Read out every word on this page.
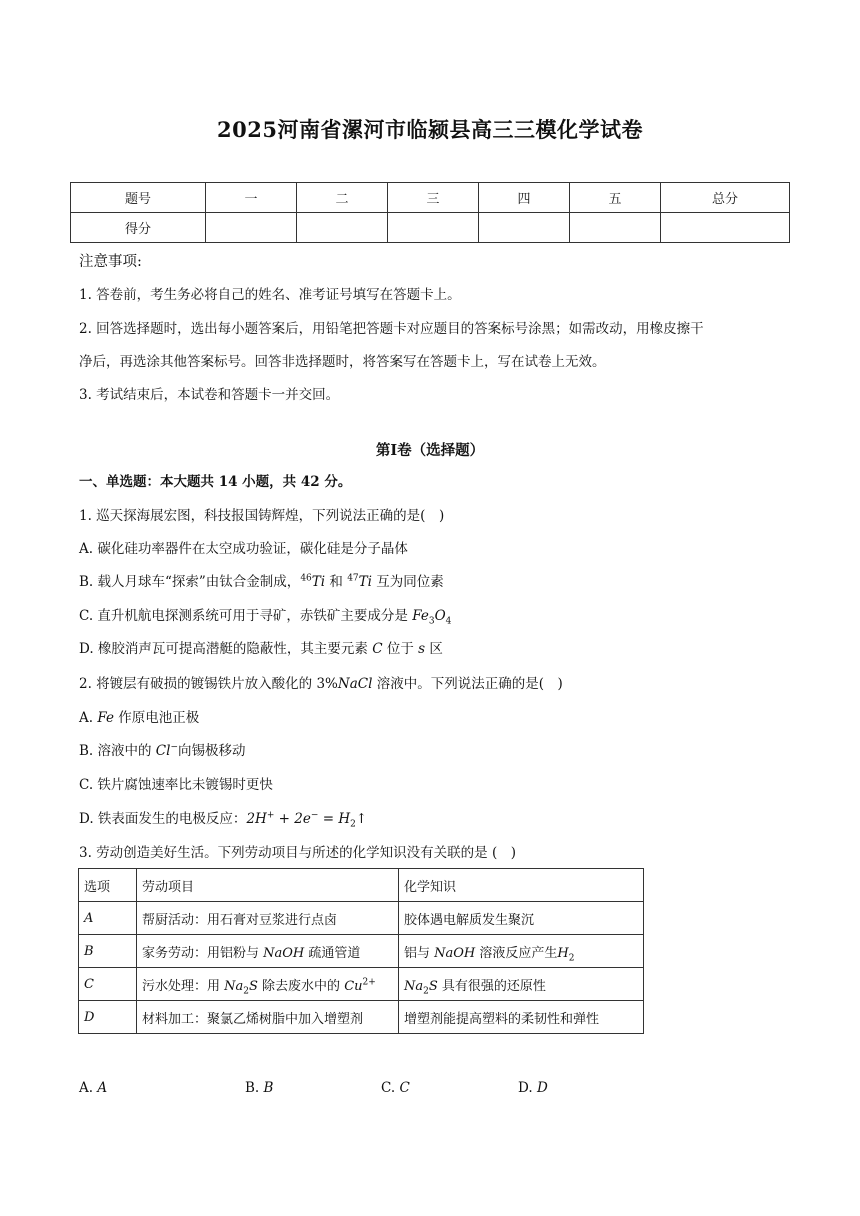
2025河南省漯河市临颍县高三三模化学试卷
题号	一	二	三	四	五	总分
得分						
注意事项:
1. 答卷前，考生务必将自己的姓名、准考证号填写在答题卡上。
2. 回答选择题时，选出每小题答案后，用铅笔把答题卡对应题目的答案标号涂黑；如需改动，用橡皮擦干
净后，再选涂其他答案标号。回答非选择题时，将答案写在答题卡上，写在试卷上无效。
3. 考试结束后，本试卷和答题卡一并交回。
第Ⅰ卷（选择题）
一、单选题：本大题共 14 小题，共 42 分。
1. 巡天探海展宏图，科技报国铸辉煌，下列说法正确的是(　)
A. 碳化硅功率器件在太空成功验证，碳化硅是分子晶体
B. 载人月球车“探索”由钛合金制成，$^{46}$Ti 和 $^{47}$Ti 互为同位素
C. 直升机航电探测系统可用于寻矿，赤铁矿主要成分是 $Fe_3O_4$
D. 橡胶消声瓦可提高潜艇的隐蔽性，其主要元素 C 位于 s 区
2. 将镀层有破损的镀锡铁片放入酸化的 3%NaCl 溶液中。下列说法正确的是(　)
A. Fe 作原电池正极
B. 溶液中的 Cl−向锡极移动
C. 铁片腐蚀速率比未镀锡时更快
D. 铁表面发生的电极反应：$2H^+ + 2e^- = H_2↑$
3. 劳动创造美好生活。下列劳动项目与所述的化学知识没有关联的是 (　)
选项	劳动项目	化学知识
A	帮厨活动：用石膏对豆浆进行点卤	胶体遇电解质发生聚沉
B	家务劳动：用铝粉与 NaOH 疏通管道	铝与 NaOH 溶液反应产生$H_2$
C	污水处理：用 $Na_2S$ 除去废水中的 $Cu^{2+}$	$Na_2S$ 具有很强的还原性
D	材料加工：聚氯乙烯树脂中加入增塑剂	增塑剂能提高塑料的柔韧性和弹性
A. A	B. B	C. C	D. D
